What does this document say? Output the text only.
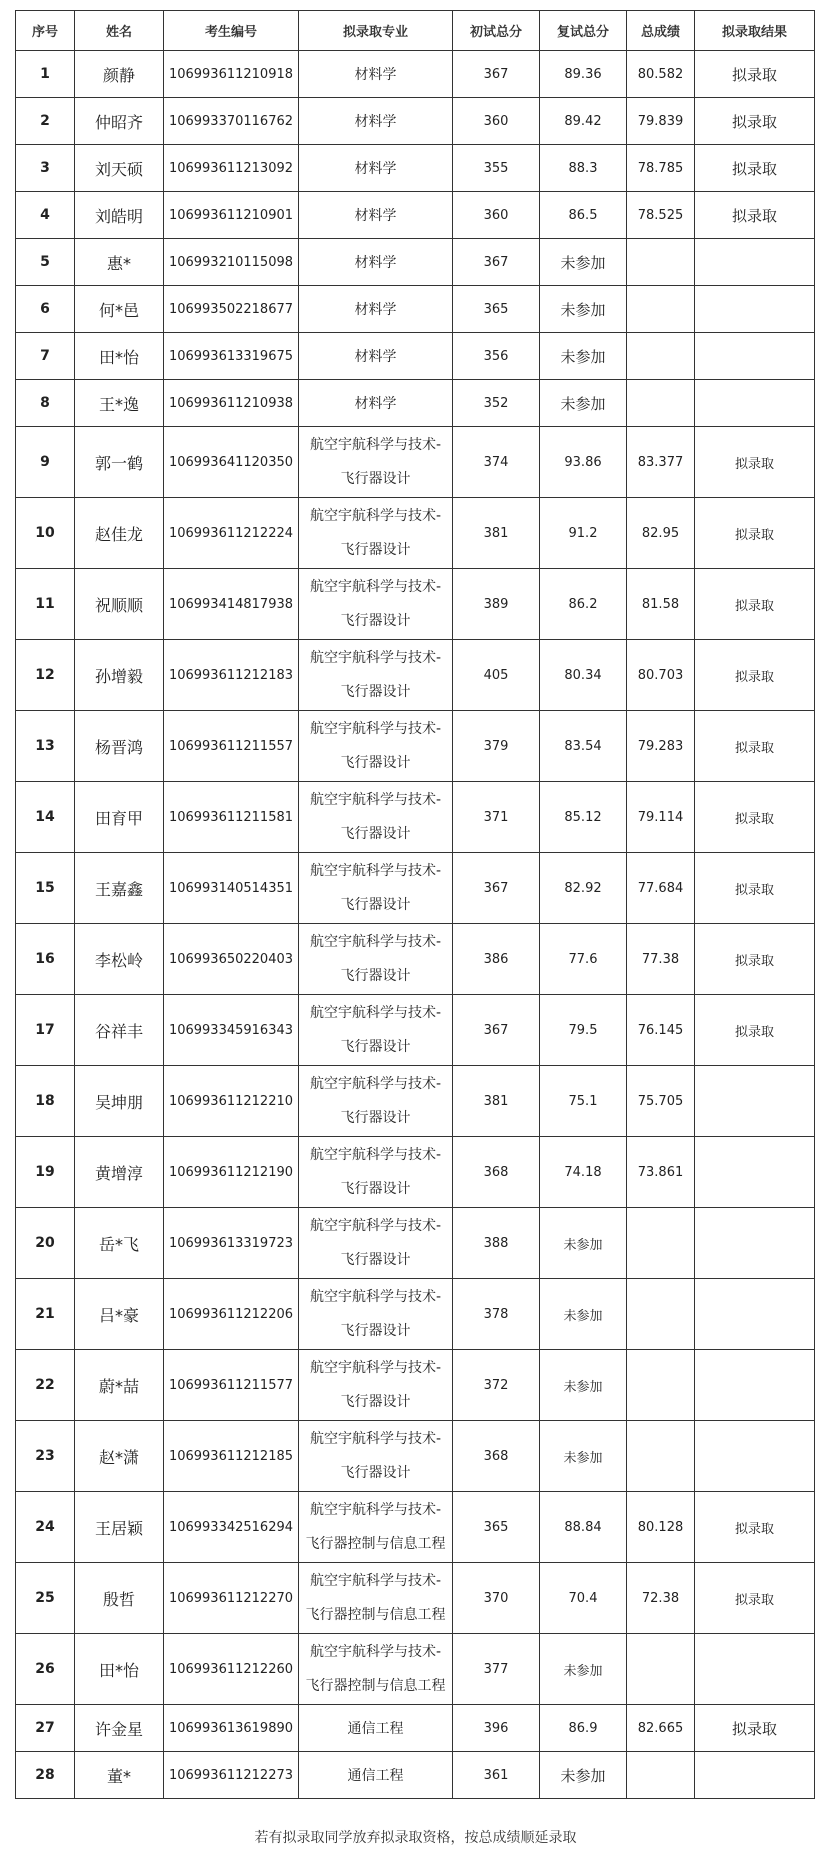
序号	姓名	考生编号	拟录取专业	初试总分	复试总分	总成绩	拟录取结果
1	颜静	106993611210918	材料学	367	89.36	80.582	拟录取
2	仲昭齐	106993370116762	材料学	360	89.42	79.839	拟录取
3	刘天硕	106993611213092	材料学	355	88.3	78.785	拟录取
4	刘皓明	106993611210901	材料学	360	86.5	78.525	拟录取
5	惠*	106993210115098	材料学	367	未参加		
6	何*邑	106993502218677	材料学	365	未参加		
7	田*怡	106993613319675	材料学	356	未参加		
8	王*逸	106993611210938	材料学	352	未参加		
9	郭一鹤	106993641120350	航空宇航科学与技术-
飞行器设计	374	93.86	83.377	拟录取
10	赵佳龙	106993611212224	航空宇航科学与技术-
飞行器设计	381	91.2	82.95	拟录取
11	祝顺顺	106993414817938	航空宇航科学与技术-
飞行器设计	389	86.2	81.58	拟录取
12	孙增毅	106993611212183	航空宇航科学与技术-
飞行器设计	405	80.34	80.703	拟录取
13	杨晋鸿	106993611211557	航空宇航科学与技术-
飞行器设计	379	83.54	79.283	拟录取
14	田育甲	106993611211581	航空宇航科学与技术-
飞行器设计	371	85.12	79.114	拟录取
15	王嘉鑫	106993140514351	航空宇航科学与技术-
飞行器设计	367	82.92	77.684	拟录取
16	李松岭	106993650220403	航空宇航科学与技术-
飞行器设计	386	77.6	77.38	拟录取
17	谷祥丰	106993345916343	航空宇航科学与技术-
飞行器设计	367	79.5	76.145	拟录取
18	吴坤朋	106993611212210	航空宇航科学与技术-
飞行器设计	381	75.1	75.705	
19	黄增淳	106993611212190	航空宇航科学与技术-
飞行器设计	368	74.18	73.861	
20	岳*飞	106993613319723	航空宇航科学与技术-
飞行器设计	388	未参加		
21	吕*豪	106993611212206	航空宇航科学与技术-
飞行器设计	378	未参加		
22	蔚*喆	106993611211577	航空宇航科学与技术-
飞行器设计	372	未参加		
23	赵*潇	106993611212185	航空宇航科学与技术-
飞行器设计	368	未参加		
24	王居颖	106993342516294	航空宇航科学与技术-
飞行器控制与信息工程	365	88.84	80.128	拟录取
25	殷哲	106993611212270	航空宇航科学与技术-
飞行器控制与信息工程	370	70.4	72.38	拟录取
26	田*怡	106993611212260	航空宇航科学与技术-
飞行器控制与信息工程	377	未参加		
27	许金星	106993613619890	通信工程	396	86.9	82.665	拟录取
28	董*	106993611212273	通信工程	361	未参加		
若有拟录取同学放弃拟录取资格，按总成绩顺延录取
